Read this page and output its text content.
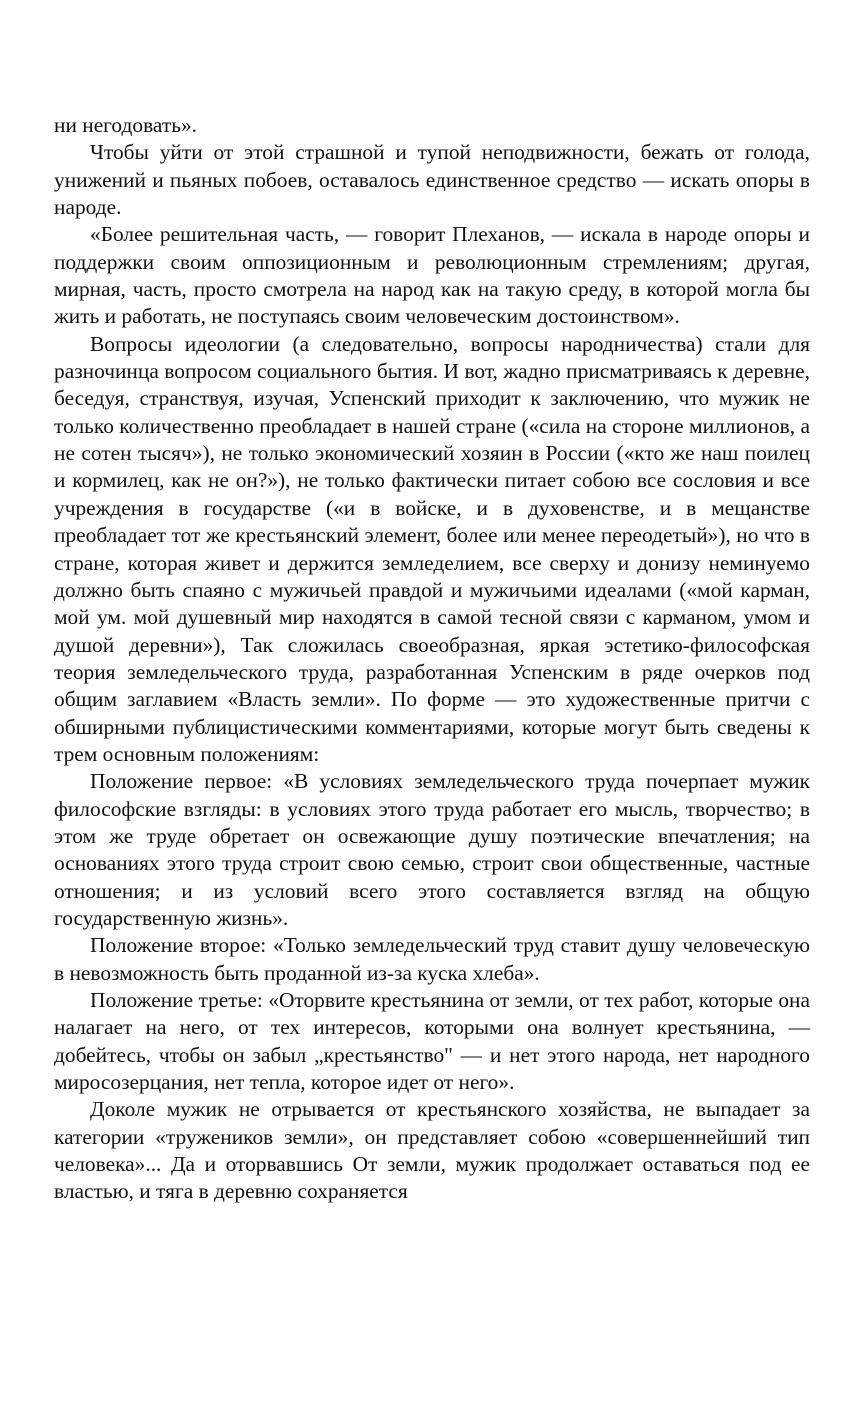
ни негодовать».

Чтобы уйти от этой страшной и тупой неподвижности, бежать от голода, унижений и пьяных побоев, оставалось единственное средство — искать опоры в народе.

«Более решительная часть, — говорит Плеханов, — искала в народе опоры и поддержки своим оппозиционным и революционным стремлениям; другая, мирная, часть, просто смотрела на народ как на такую среду, в которой могла бы жить и работать, не поступаясь своим человеческим достоинством».

Вопросы идеологии (а следовательно, вопросы народничества) стали для разночинца вопросом социального бытия. И вот, жадно присматриваясь к деревне, беседуя, странствуя, изучая, Успенский приходит к заключению, что мужик не только количественно преобладает в нашей стране («сила на стороне миллионов, а не сотен тысяч»), не только экономический хозяин в России («кто же наш поилец и кормилец, как не он?»), не только фактически питает собою все сословия и все учреждения в государстве («и в войске, и в духовенстве, и в мещанстве преобладает тот же крестьянский элемент, более или менее переодетый»), но что в стране, которая живет и держится земледелием, все сверху и донизу неминуемо должно быть спаяно с мужичьей правдой и мужичьими идеалами («мой карман, мой ум. мой душевный мир находятся в самой тесной связи с карманом, умом и душой деревни»), Так сложилась своеобразная, яркая эстетико-философская теория земледельческого труда, разработанная Успенским в ряде очерков под общим заглавием «Власть земли». По форме — это художественные притчи с обширными публицистическими комментариями, которые могут быть сведены к трем основным положениям:

Положение первое: «В условиях земледельческого труда почерпает мужик философские взгляды: в условиях этого труда работает его мысль, творчество; в этом же труде обретает он освежающие душу поэтические впечатления; на основаниях этого труда строит свою семью, строит свои общественные, частные отношения; и из условий всего этого составляется взгляд на общую государственную жизнь».

Положение второе: «Только земледельческий труд ставит душу человеческую в невозможность быть проданной из-за куска хлеба».

Положение третье: «Оторвите крестьянина от земли, от тех работ, которые она налагает на него, от тех интересов, которыми она волнует крестьянина, — добейтесь, чтобы он забыл „крестьянство" — и нет этого народа, нет народного миросозерцания, нет тепла, которое идет от него».

Доколе мужик не отрывается от крестьянского хозяйства, не выпадает за категории «тружеников земли», он представляет собою «совершеннейший тип человека»... Да и оторвавшись От земли, мужик продолжает оставаться под ее властью, и тяга в деревню сохраняется
